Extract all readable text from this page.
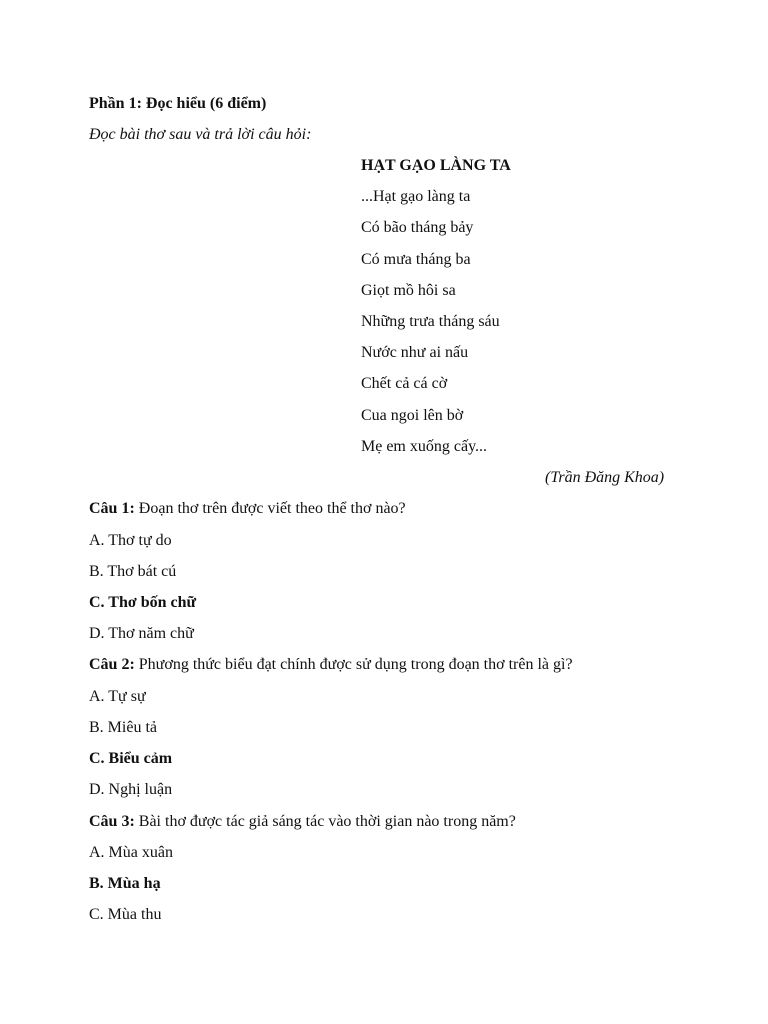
Phần 1: Đọc hiểu (6 điểm)
Đọc bài thơ sau và trả lời câu hỏi:
HẠT GẠO LÀNG TA
...Hạt gạo làng ta
Có bão tháng bảy
Có mưa tháng ba
Giọt mồ hôi sa
Những trưa tháng sáu
Nước như ai nấu
Chết cả cá cờ
Cua ngoi lên bờ
Mẹ em xuống cấy...
(Trần Đăng Khoa)
Câu 1: Đoạn thơ trên được viết theo thể thơ nào?
A. Thơ tự do
B. Thơ bát cú
C. Thơ bốn chữ
D. Thơ năm chữ
Câu 2: Phương thức biểu đạt chính được sử dụng trong đoạn thơ trên là gì?
A. Tự sự
B. Miêu tả
C. Biểu cảm
D. Nghị luận
Câu 3: Bài thơ được tác giả sáng tác vào thời gian nào trong năm?
A. Mùa xuân
B. Mùa hạ
C. Mùa thu
